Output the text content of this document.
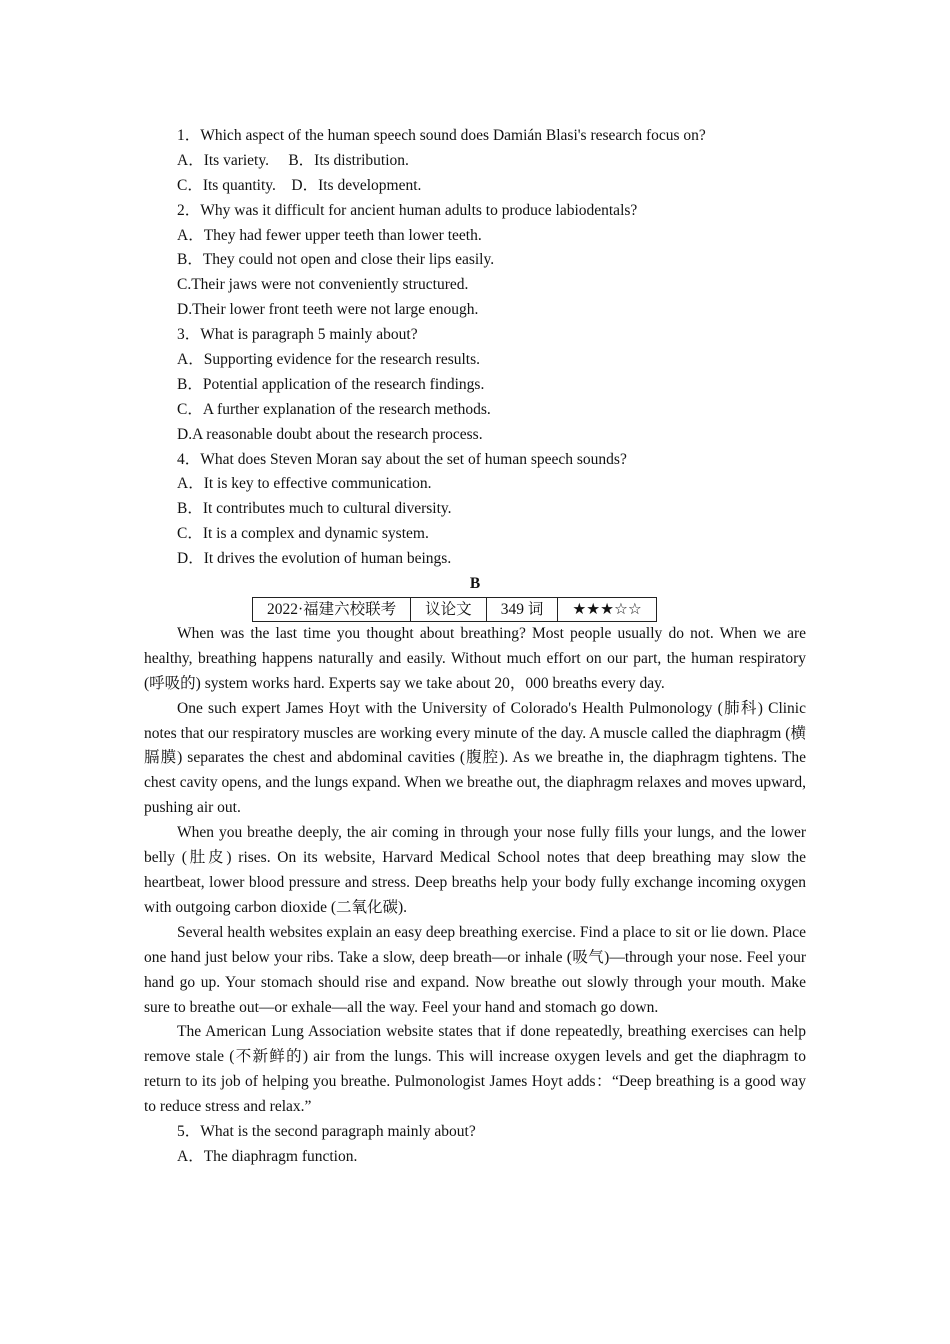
1．Which aspect of the human speech sound does Damián Blasi's research focus on?
A．Its variety.　 B．Its distribution.
C．Its quantity.　D．Its development.
2．Why was it difficult for ancient human adults to produce labiodentals?
A．They had fewer upper teeth than lower teeth.
B．They could not open and close their lips easily.
C.Their jaws were not conveniently structured.
D.Their lower front teeth were not large enough.
3．What is paragraph 5 mainly about?
A．Supporting evidence for the research results.
B．Potential application of the research findings.
C．A further explanation of the research methods.
D.A reasonable doubt about the research process.
4．What does Steven Moran say about the set of human speech sounds?
A．It is key to effective communication.
B．It contributes much to cultural diversity.
C．It is a complex and dynamic system.
D．It drives the evolution of human beings.
B
2022·福建六校联考	议论文	349 词	★★★☆☆
When was the last time you thought about breathing? Most people usually do not. When we are healthy, breathing happens naturally and easily. Without much effort on our part, the human respiratory (呼吸的) system works hard. Experts say we take about 20，000 breaths every day.
One such expert James Hoyt with the University of Colorado's Health Pulmonology (肺科) Clinic notes that our respiratory muscles are working every minute of the day. A muscle called the diaphragm (横膈膜) separates the chest and abdominal cavities (腹腔). As we breathe in, the diaphragm tightens. The chest cavity opens, and the lungs expand. When we breathe out, the diaphragm relaxes and moves upward, pushing air out.
When you breathe deeply, the air coming in through your nose fully fills your lungs, and the lower belly (肚皮) rises. On its website, Harvard Medical School notes that deep breathing may slow the heartbeat, lower blood pressure and stress. Deep breaths help your body fully exchange incoming oxygen with outgoing carbon dioxide (二氧化碳).
Several health websites explain an easy deep breathing exercise. Find a place to sit or lie down. Place one hand just below your ribs. Take a slow, deep breath—or inhale (吸气)—through your nose. Feel your hand go up. Your stomach should rise and expand. Now breathe out slowly through your mouth. Make sure to breathe out—or exhale—all the way. Feel your hand and stomach go down.
The American Lung Association website states that if done repeatedly, breathing exercises can help remove stale (不新鲜的) air from the lungs. This will increase oxygen levels and get the diaphragm to return to its job of helping you breathe. Pulmonologist James Hoyt adds：“Deep breathing is a good way to reduce stress and relax.”
5．What is the second paragraph mainly about?
A．The diaphragm function.
